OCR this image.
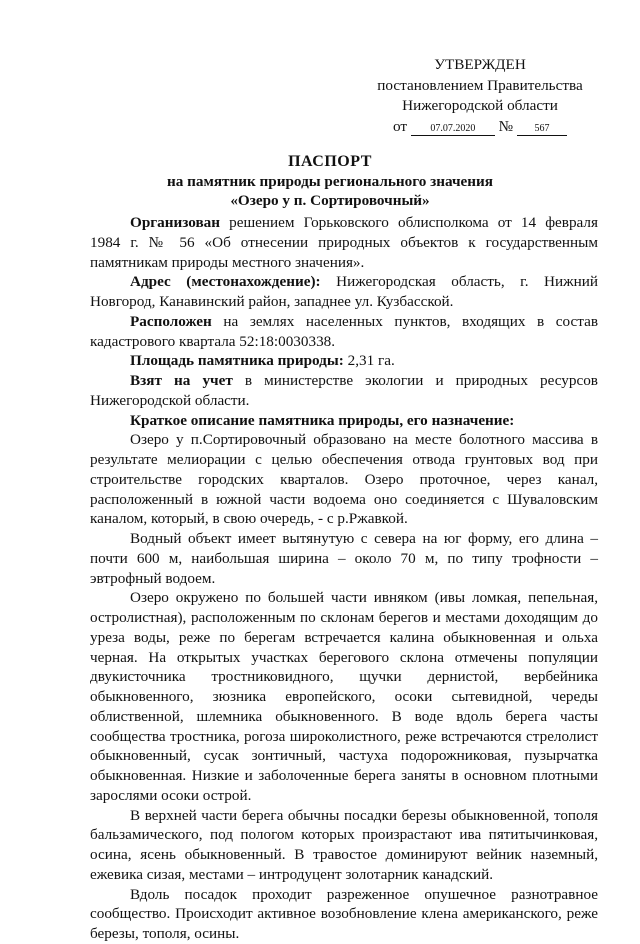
УТВЕРЖДЕН
постановлением Правительства
Нижегородской области
от 07.07.2020 № 567
ПАСПОРТ
на памятник природы регионального значения
«Озеро у п. Сортировочный»
Организован решением Горьковского облисполкома от 14 февраля
1984 г. № 56 «Об отнесении природных объектов к государственным
памятникам природы местного значения».
Адрес (местонахождение): Нижегородская область, г. Нижний
Новгород, Канавинский район, западнее ул. Кузбасской.
Расположен на землях населенных пунктов, входящих в состав
кадастрового квартала 52:18:0030338.
Площадь памятника природы: 2,31 га.
Взят на учет в министерстве экологии и природных ресурсов
Нижегородской области.
Краткое описание памятника природы, его назначение:
Озеро у п.Сортировочный образовано на месте болотного массива в
результате мелиорации с целью обеспечения отвода грунтовых вод при
строительстве городских кварталов. Озеро проточное, через канал,
расположенный в южной части водоема оно соединяется с Шуваловским
каналом, который, в свою очередь, - с р.Ржавкой.
Водный объект имеет вытянутую с севера на юг форму, его длина –
почти 600 м, наибольшая ширина – около 70 м, по типу трофности –
эвтрофный водоем.
Озеро окружено по большей части ивняком (ивы ломкая, пепельная,
остролистная), расположенным по склонам берегов и местами доходящим до
уреза воды, реже по берегам встречается калина обыкновенная и ольха
черная. На открытых участках берегового склона отмечены популяции
двукисточника тростниковидного, щучки дернистой, вербейника
обыкновенного, зюзника европейского, осоки сытевидной, череды
облиственной, шлемника обыкновенного. В воде вдоль берега часты
сообщества тростника, рогоза широколистного, реже встречаются стрелолист
обыкновенный, сусак зонтичный, частуха подорожниковая, пузырчатка
обыкновенная. Низкие и заболоченные берега заняты в основном плотными
зарослями осоки острой.
В верхней части берега обычны посадки березы обыкновенной, тополя
бальзамического, под пологом которых произрастают ива пятитычинковая,
осина, ясень обыкновенный. В травостое доминируют вейник наземный,
ежевика сизая, местами – интродуцент золотарник канадский.
Вдоль посадок проходит разреженное опушечное разнотравное
сообщество. Происходит активное возобновление клена американского, реже
березы, тополя, осины.
